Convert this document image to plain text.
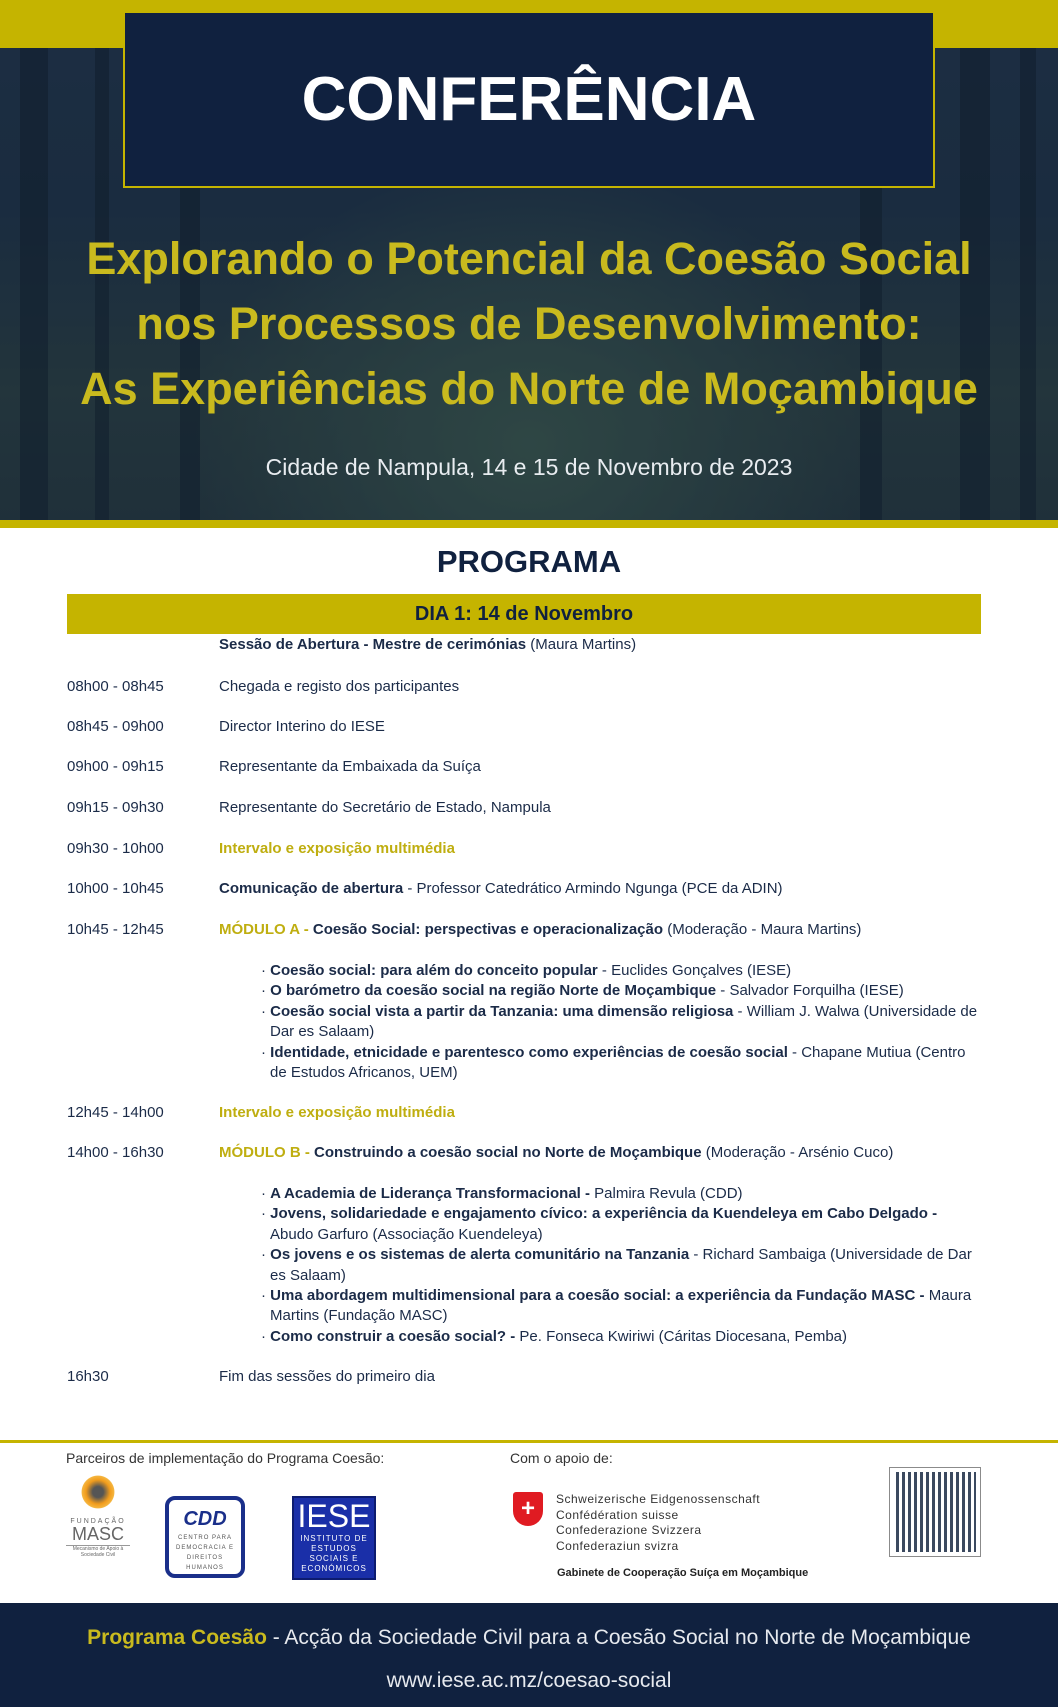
CONFERÊNCIA
Explorando o Potencial da Coesão Social
nos Processos de Desenvolvimento:
As Experiências do Norte de Moçambique
Cidade de Nampula, 14 e 15 de Novembro de 2023
PROGRAMA
DIA 1: 14 de Novembro
Sessão de Abertura - Mestre de cerimónias (Maura Martins)
08h00 - 08h45	Chegada e registo dos participantes
08h45 - 09h00	Director Interino do IESE
09h00 - 09h15	Representante da Embaixada da Suíça
09h15 - 09h30	Representante do Secretário de Estado, Nampula
09h30 - 10h00	Intervalo e exposição multimédia
10h00 - 10h45	Comunicação de abertura - Professor Catedrático Armindo Ngunga (PCE da ADIN)
10h45 - 12h45	MÓDULO A - Coesão Social: perspectivas e operacionalização (Moderação - Maura Martins)
· Coesão social: para além do conceito popular - Euclides Gonçalves (IESE)
· O barómetro da coesão social na região Norte de Moçambique - Salvador Forquilha (IESE)
· Coesão social vista a partir da Tanzania: uma dimensão religiosa - William J. Walwa (Universidade de Dar es Salaam)
· Identidade, etnicidade e parentesco como experiências de coesão social - Chapane Mutiua (Centro de Estudos Africanos, UEM)
12h45 - 14h00	Intervalo e exposição multimédia
14h00 - 16h30	MÓDULO B - Construindo a coesão social no Norte de Moçambique (Moderação - Arsénio Cuco)
· A Academia de Liderança Transformacional - Palmira Revula (CDD)
· Jovens, solidariedade e engajamento cívico: a experiência da Kuendeleya em Cabo Delgado - Abudo Garfuro (Associação Kuendeleya)
· Os jovens e os sistemas de alerta comunitário na Tanzania - Richard Sambaiga (Universidade de Dar es Salaam)
· Uma abordagem multidimensional para a coesão social: a experiência da Fundação MASC - Maura Martins (Fundação MASC)
· Como construir a coesão social? - Pe. Fonseca Kwiriwi (Cáritas Diocesana, Pemba)
16h30	Fim das sessões do primeiro dia
Parceiros de implementação do Programa Coesão:	Com o apoio de:
FUNDAÇÃO
MASC
Mecanismo de Apoio à Sociedade Civil
CDD
CENTRO PARA DEMOCRACIA E DIREITOS HUMANOS
IESE
INSTITUTO DE ESTUDOS SOCIAIS E ECONÓMICOS
+	Schweizerische Eidgenossenschaft
Confédération suisse
Confederazione Svizzera
Confederaziun svizra
Gabinete de Cooperação Suíça em Moçambique
Programa Coesão - Acção da Sociedade Civil para a Coesão Social no Norte de Moçambique
www.iese.ac.mz/coesao-social
